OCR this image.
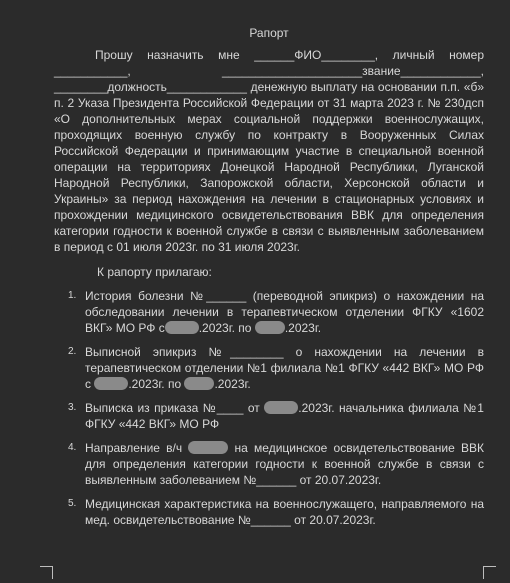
Рапорт

Прошу назначить мне ______ФИО________, личный номер ___________, _____________________звание____________, ________должность____________ денежную выплату на основании п.п. «б» п. 2 Указа Президента Российской Федерации от 31 марта 2023 г. № 230дсп «О дополнительных мерах социальной поддержки военнослужащих, проходящих военную службу по контракту в Вооруженных Силах Российской Федерации и принимающим участие в специальной военной операции на территориях Донецкой Народной Республики, Луганской Народной Республики, Запорожской области, Херсонской области и Украины» за период нахождения на лечении в стационарных условиях и прохождении медицинского освидетельствования ВВК для определения категории годности к военной службе в связи с выявленным заболеванием в период с 01 июля 2023г. по 31 июля 2023г.

К рапорту прилагаю:

1. История болезни №______ (переводной эпикриз) о нахождении на обследовании лечении в терапевтическом отделении ФГКУ «1602 ВКГ» МО РФ с	.2023г. по	.2023г.
2. Выписной эпикриз №________ о нахождении на лечении в терапевтическом отделении №1 филиала №1 ФГКУ «442 ВКГ» МО РФ с	.2023г. по	.2023г.
3. Выписка из приказа №____ от	.2023г. начальника филиала №1 ФГКУ «442 ВКГ» МО РФ
4. Направление в/ч	на медицинское освидетельствование ВВК для определения категории годности к военной службе в связи с выявленным заболеванием №______ от 20.07.2023г.
5. Медицинская характеристика на военнослужащего, направляемого на мед. освидетельствование №______ от 20.07.2023г.
